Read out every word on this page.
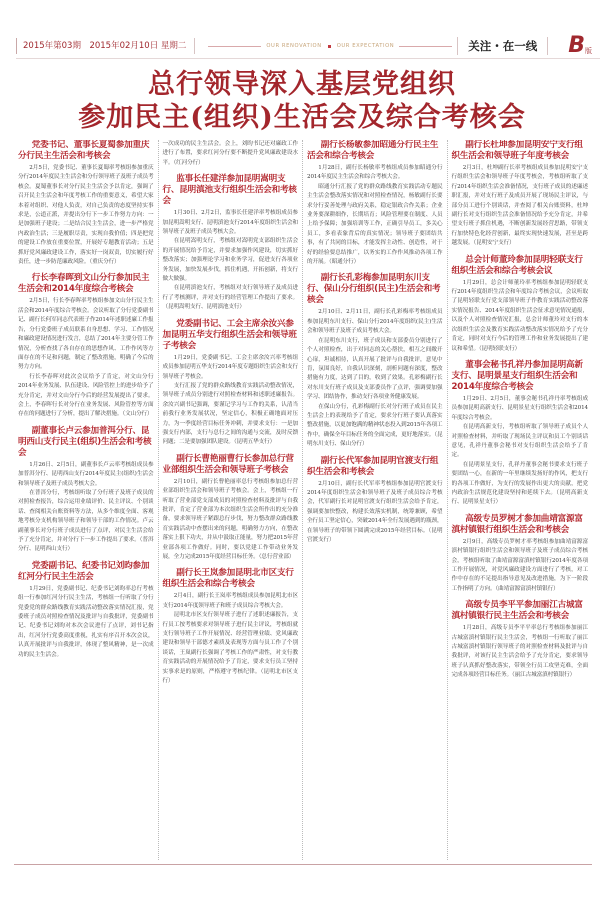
2015年第03期　2015年02月10日 星期二	OUR RENOVATION	OUR EXPECTATION	关注・在一线	B 版
总行领导深入基层党组织
参加民主(组织)生活会及综合考核会
党委书记、董事长夏蜀参加重庆分行民主生活会和考核会

2月5日，党委书记、董事长夏蜀率考核组参加重庆分行2014年度民主生活会和分行领导班子及班子成员考核会。夏蜀董事长对分行民主生活会予以肯定，强调了召开民主生活会和年度考核工作的重要意义，希望大家本着对组织、对他人负责，对自己负责的态度坚持实事求是，公道正派，并提出分行下一步工作努力方向：一是加强班子建设；二是结合民主生活会，进一步严格党内政治生活；三是履职尽责，实现自我价值；四是把党的建设工作放在重要位置，开展好专题教育活动；五是抓好党风廉政建设工作，落实好一岗双责，切实履行好责任，进一步防范廉政风险。（重庆分行）

行长李春晖到文山分行参加民主生活会和2014年度综合考核会

2月5日，行长李春晖率考核组参加文山分行民主生活会和2014年度综合考核会。会议听取了分行党委副书记、副行长何军同志代表班子作2014年述职述廉工作报告，分行党委班子成员联系自身思想、学习、工作情况和廉政建设情况进行发言，总结了2014年主要分管工作情况，分析查找了各自存在的思想作风、工作作风等方面存在的不足和问题，制定了整改措施，明确了今后的努力方向。

行长李春晖对此次会议给予了肯定，对文山分行2014年业务发展、队伍建设、风险管控上的进步给予了充分肯定，并对文山分行今后的经营发展提出了要求。会上，李春晖行长对分行在业务发展、风险管控等方面存在的问题进行了分析，提出了解决措施。（文山分行）

副董事长卢云参加普洱分行、昆明西山支行民主(组织)生活会和考核会

1月26日、2月5日，副董事长卢云率考核组成员参加普洱分行、昆明西山支行2014年度民主(组织)生活会和领导班子及班子成员考核大会。

在普洱分行，考核组听取了分行班子及班子成员的对照检查报告，综合运用业绩评价、民主评议、个别谈话、查阅相关台账资料等方法，从多个维度全面、客观地考核分支机构领导班子和领导干部的工作情况。卢云副董事长对分行班子成员进行了点评，对民主生活会给予了充分肯定，并对分行下一步工作提出了要求。（普洱分行、昆明西山支行）

党委副书记、纪委书记刘昀参加红河分行民主生活会

1月29日，党委副书记、纪委书记刘昀率总行考核组一行参加红河分行民主生活，考核组一行听取了分行党委党的群众路线教育实践活动整改落实情况汇报，党委班子成员对照检查情况及批评与自我批评，党委副书记、纪委书记刘昀对本次会议进行了点评，刘书记指出，红河分行党委高度重视，扎实有序召开本次会议，认真开展批评与自我批评，体现了整风精神，是一次成功的民主生活会。

一次成功的民主生活会。会上，刘昀书记还对廉政工作进行了布置，要求红河分行要不断提升党风廉政建设水平。（红河分行）

监事长任建洋参加昆明嵩明支行、昆明滇池支行组织生活会和考核会

1月30日、2月2日，监事长任建洋率考核组成员参加昆明嵩明支行、昆明滇池支行2014年度组织生活会和领导班子及班子成员考核大会。

在昆明嵩明支行，考核组对嵩明党支部组织生活会的开展情况给予肯定，并要求加强作风建设，切实抓好整改落实；加强理论学习和业务学习，促进支行各项业务发展，加快发展步伐，抓住机遇，开拓创新，将支行做大做强。

在昆明滇池支行，考核组对支行领导班子及成员进行了考核测评，并对支行的经营管理工作提出了要求。（昆明嵩明支行、昆明滇池支行）

党委副书记、工会主席余汝兴参加昆明五华支行组织生活会和领导班子考核会

1月29日，党委副书记、工会主席余汝兴率考核组成员参加昆明五华支行2014年度专题组织生活会和支行领导班子考核会。

支行汇报了党的群众路线教育实践活动整改情况，领导班子成员分别进行对照检查材料和述职述廉报告。余汝兴副书记强调，要谨记学习与工作的关系，认清当前我行业务发展状况，坚定信心，积极正确地面对压力，为一季度经营目标任务冲刺，并要求支行：一是加强支行内部，支行与总行之间的沟通与交流，及时反馈问题；二是要加强团队建设。（昆明五华支行）

副行长曹艳丽曹行长参加总行营业部组织生活会和领导班子考核会

2月10日，副行长曹艳丽率总行考核组参加总行营业部组织生活会和领导班子考核会。会上，考核组一行听取了营业部党支部成员的对照检查材料及批评与自我批评，肯定了营业部为本次组织生活会所作出的充分准备，要求领导班子紧跟总行步伐，努力整改群众路线教育实践活动中查摆出来的问题，明确努力方向，在整改落实上狠下功夫，并从中汲取正能量，努力把2015年营业部各项工作做好。同时，要以党建工作带动业务发展，全力完成2015年度经营目标任务。（总行营业部）

副行长王岚参加昆明北市区支行组织生活会和综合考核会

2月4日，副行长王岚率考核组成员参加昆明北市区支行2014年度领导班子和班子成员综合考核大会。

昆明北市区支行领导班子进行了述职述廉报告，支行员工按考核要求对领导班子进行民主评议，考核组就支行领导班子工作开展情况、经营管理业绩、党风廉政建设和领导干部德才素质及表现等方面与员工作了个别谈话，王岚副行长强调了考核工作的严肃性，对支行教育实践活动的开展情况给予了肯定，要求支行员工坚持实事求是的原则，严格遵守考核纪律。（昆明北市区支行）

副行长杨敏参加昭通分行民主生活会和综合考核会

1月28日，副行长杨敏率考核组成员参加昭通分行2014年度民主生活会和综合考核大会。

昭通分行汇报了党的群众路线教育实践活动专题民主生活会整改落实情况和对照检查情况，杨敏副行长要求分行妥善处理与政府关系，稳定银政合作关系；企业业务要深耕细作，长期培育；风险管理要在制度、人员上给予保障；加强培训等工作，正确引导员工，多关心员工，多看表象背后的真实情况；领导班子要团结共事，有了共同的目标，才能发挥主动性、创造性，对于好的经验要总结推广，以务实的工作作风推动各项工作的开展。（昭通分行）

副行长孔彩梅参加昆明东川支行、保山分行组织(民主)生活会和考核会

2月10日、2月11日，副行长孔彩梅率考核组成员参加昆明东川支行、保山分行2014年度组织(民主)生活会和领导班子及班子成员考核大会。

在昆明东川支行，班子成员和支部委员分别进行了个人对照检查，出于对同志的关心帮扶，相互之间敞开心扉，坦诚相待，认真开展了批评与自我批评，意见中肯，氛围良好，自我认识深刻，剖析问题有深度，整改措施有力度，达到了目的，收到了效果。孔彩梅副行长对东川支行班子成员及支部委员作了点评，强调要加强学习、团结协作，推动支行各项业务健康发展。

在保山分行，孔彩梅副行长对分行班子成员在民主生活会上的表现给予了肯定，要求分行班子要认真落实整改措施，以更加饱满的精神状态投入到2015年各项工作中，确保全年目标任务的全面完成，更好地落实。（昆明东川支行、保山分行）

副行长代军参加昆明官渡支行组织生活会和考核会

2月10日，副行长代军率考核组参加昆明官渡支行2014年度组织生活会和领导班子及班子成员综合考核会，代军副行长对昆明官渡支行组织生活会给予肯定，强调要加快整改，构建长效落实机制，统筹兼顾，希望全行员工坚定信心，突破2014年全行发展遇到的瓶颈，在领导班子的带领下圆满完成2015年经营目标。（昆明官渡支行）

副行长杜坤参加昆明安宁支行组织生活会和领导班子年度考核会

2月3日，杜坤副行长率考核组成员参加昆明安宁支行组织生活会和领导班子年度考核会，考核组听取了支行2014年组织生活会准备情况，支行班子成员的述廉述职汇报，并对支行班子及成员开展了现场民主评议，与部分员工进行个别谈话，并查阅了相关台账资料，杜坤副行长对支行组织生活会准备情况给予充分肯定，并希望支行班子抓住机遇，不断创新发展经营思路，带领支行加快特色化经营创新，最终实现快速发展，甚至是跨越发展。（昆明安宁支行）

总会计师董玲参加昆明轻联支行组织生活会和综合考核会议

1月29日，总会计师董玲率考核组参加昆明轻联支行2014年度组织生活会和年度综合考核会议，会议听取了昆明轻联支行党支部领导班子作教育实践活动整改落实情况报告、2014年度组织生活会征求意见情况通报，以及个人对照检查情况汇报，总会计师董玲对支行的本次组织生活会及教育实践活动整改落实情况给予了充分肯定，同时对支行今后的管理工作和业务发展提出了建议和希望。（昆明轻联支行）

董事会秘书孔祥丹参加昆明高新支行、昆明景星支行组织生活会和2014年度综合考核会

1月29日、2月5日，董事会秘书孔祥丹率考核组成员参加昆明高新支行、昆明景星支行组织生活会和2014年度综合考核会。

在昆明高新支行，考核组听取了领导班子成员个人对照检查材料，并听取了现场民主评议和员工个别谈话意见，孔祥丹董事会秘书对支行组织生活会给予了肯定。

在昆明景星支行，孔祥丹董事会秘书要求支行班子要团结一心，在新的一年里继续发扬好的作风，把支行的各项工作做好，为支行的发展作出更大的贡献，把党内政治生活规范化建设坚持和延续下去。（昆明高新支行、昆明景星支行）

高级专员罗树才参加曲靖富源富滇村镇银行组织生活会和考核会

2月9日，高级专员罗树才率考核组参加曲靖富源富滇村镇银行组织生活会和领导班子及班子成员综合考核会，考核组听取了曲靖富源富滇村镇银行2014年度各项工作开展情况，对党风廉政建设方面进行了考核，对工作中存在的不足提出指导意见及改进措施，为下一阶段工作指明了方向。（曲靖富源富滇村镇银行）

高级专员李平平参加丽江古城富滇村镇银行民主生活会和考核会

1月28日，高级专员李平平率总行考核组参加丽江古城富滇村镇银行民主生活会，考核组一行听取了丽江古城富滇村镇银行领导班子的对照检查材料及批评与自我批评，对该行民主生活会给予了充分肯定，要求领导班子认真抓好整改落实，带领全行员工攻坚克难，全面完成各项经营目标任务。（丽江古城富滇村镇银行）
